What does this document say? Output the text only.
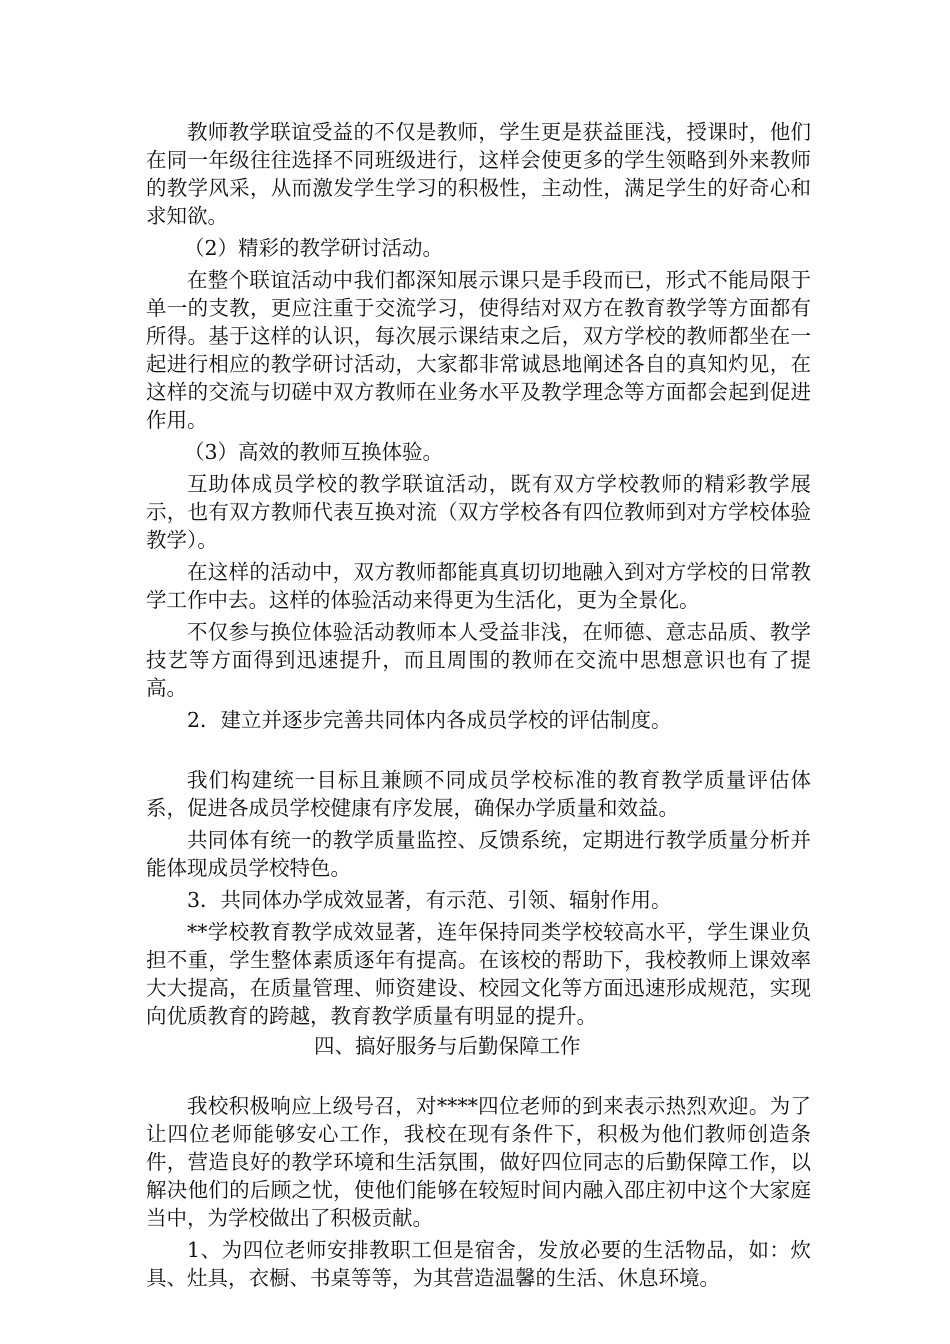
教师教学联谊受益的不仅是教师，学生更是获益匪浅，授课时，他们在同一年级往往选择不同班级进行，这样会使更多的学生领略到外来教师的教学风采，从而激发学生学习的积极性，主动性，满足学生的好奇心和求知欲。

（2）精彩的教学研讨活动。

在整个联谊活动中我们都深知展示课只是手段而已，形式不能局限于单一的支教，更应注重于交流学习，使得结对双方在教育教学等方面都有所得。基于这样的认识，每次展示课结束之后，双方学校的教师都坐在一起进行相应的教学研讨活动，大家都非常诚恳地阐述各自的真知灼见，在这样的交流与切磋中双方教师在业务水平及教学理念等方面都会起到促进作用。

（3）高效的教师互换体验。

互助体成员学校的教学联谊活动，既有双方学校教师的精彩教学展示，也有双方教师代表互换对流（双方学校各有四位教师到对方学校体验教学）。

在这样的活动中，双方教师都能真真切切地融入到对方学校的日常教学工作中去。这样的体验活动来得更为生活化，更为全景化。

不仅参与换位体验活动教师本人受益非浅，在师德、意志品质、教学技艺等方面得到迅速提升，而且周围的教师在交流中思想意识也有了提高。

2．建立并逐步完善共同体内各成员学校的评估制度。

我们构建统一目标且兼顾不同成员学校标准的教育教学质量评估体系，促进各成员学校健康有序发展，确保办学质量和效益。

共同体有统一的教学质量监控、反馈系统，定期进行教学质量分析并能体现成员学校特色。

3．共同体办学成效显著，有示范、引领、辐射作用。

**学校教育教学成效显著，连年保持同类学校较高水平，学生课业负担不重，学生整体素质逐年有提高。在该校的帮助下，我校教师上课效率大大提高，在质量管理、师资建设、校园文化等方面迅速形成规范，实现向优质教育的跨越，教育教学质量有明显的提升。

四、搞好服务与后勤保障工作

我校积极响应上级号召，对****四位老师的到来表示热烈欢迎。为了让四位老师能够安心工作，我校在现有条件下，积极为他们教师创造条件，营造良好的教学环境和生活氛围，做好四位同志的后勤保障工作，以解决他们的后顾之忧，使他们能够在较短时间内融入邵庄初中这个大家庭当中，为学校做出了积极贡献。

1、为四位老师安排教职工但是宿舍，发放必要的生活物品，如：炊具、灶具，衣橱、书桌等等，为其营造温馨的生活、休息环境。
